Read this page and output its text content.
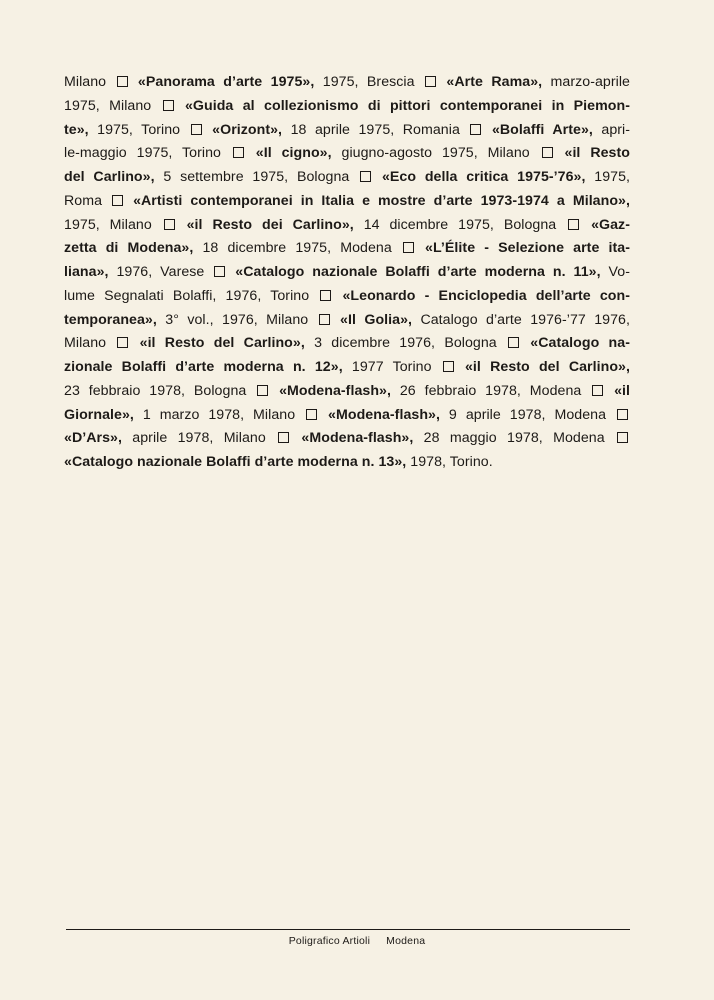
Milano  «Panorama d’arte 1975», 1975, Brescia  «Arte Rama», marzo-aprile
1975, Milano  «Guida al collezionismo di pittori contemporanei in Piemon-
te», 1975, Torino  «Orizont», 18 aprile 1975, Romania  «Bolaffi Arte», apri-
le-maggio 1975, Torino  «Il cigno», giugno-agosto 1975, Milano  «il Resto
del Carlino», 5 settembre 1975, Bologna  «Eco della critica 1975-’76», 1975,
Roma  «Artisti contemporanei in Italia e mostre d’arte 1973-1974 a Milano»,
1975, Milano  «il Resto dei Carlino», 14 dicembre 1975, Bologna  «Gaz-
zetta di Modena», 18 dicembre 1975, Modena  «L’Élite - Selezione arte ita-
liana», 1976, Varese  «Catalogo nazionale Bolaffi d’arte moderna n. 11», Vo-
lume Segnalati Bolaffi, 1976, Torino  «Leonardo - Enciclopedia dell’arte con-
temporanea», 3° vol., 1976, Milano  «Il Golia», Catalogo d’arte 1976-’77 1976,
Milano  «il Resto del Carlino», 3 dicembre 1976, Bologna  «Catalogo na-
zionale Bolaffi d’arte moderna n. 12», 1977 Torino  «il Resto del Carlino»,
23 febbraio 1978, Bologna  «Modena-flash», 26 febbraio 1978, Modena  «il
Giornale», 1 marzo 1978, Milano  «Modena-flash», 9 aprile 1978, Modena
«D’Ars», aprile 1978, Milano  «Modena-flash», 28 maggio 1978, Modena
«Catalogo nazionale Bolaffi d’arte moderna n. 13», 1978, Torino.
Poligrafico Artioli Modena
